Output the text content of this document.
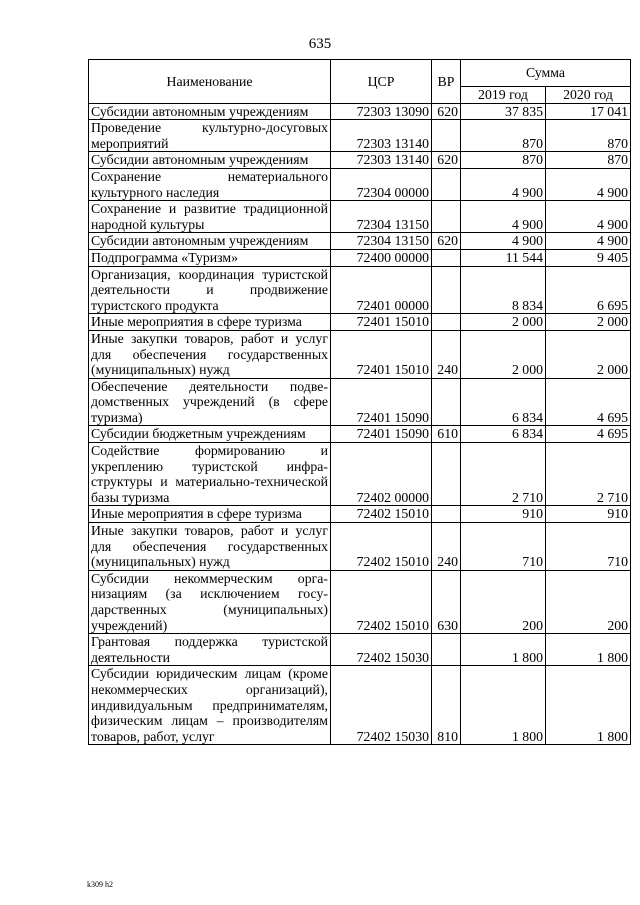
635
Наименование	ЦСР	ВР	Сумма	
			2019 год	2020 год
Субсидии автономным учреждениям	72303 13090	620	37 835	17 041
Проведение культурно-досуговых мероприятий	72303 13140		870	870
Субсидии автономным учреждениям	72303 13140	620	870	870
Сохранение нематериального культурного наследия	72304 00000		4 900	4 900
Сохранение и развитие традиционной народной культуры	72304 13150		4 900	4 900
Субсидии автономным учреждениям	72304 13150	620	4 900	4 900
Подпрограмма «Туризм»	72400 00000		11 544	9 405
Организация, координация туристской деятельности и продвижение туристского продукта	72401 00000		8 834	6 695
Иные мероприятия в сфере туризма	72401 15010		2 000	2 000
Иные закупки товаров, работ и услуг для обеспечения государственных (муниципальных) нужд	72401 15010	240	2 000	2 000
Обеспечение деятельности подведомственных учреждений (в сфере туризма)	72401 15090		6 834	4 695
Субсидии бюджетным учреждениям	72401 15090	610	6 834	4 695
Содействие формированию и укреплению туристской инфраструктуры и материально-технической базы туризма	72402 00000		2 710	2 710
Иные мероприятия в сфере туризма	72402 15010		910	910
Иные закупки товаров, работ и услуг для обеспечения государственных (муниципальных) нужд	72402 15010	240	710	710
Субсидии некоммерческим организациям (за исключением государственных (муниципальных) учреждений)	72402 15010	630	200	200
Грантовая поддержка туристской деятельности	72402 15030		1 800	1 800
Субсидии юридическим лицам (кроме некоммерческих организаций), индивидуальным предпринимателям, физическим лицам – производителям товаров, работ, услуг	72402 15030	810	1 800	1 800
k309 h2
